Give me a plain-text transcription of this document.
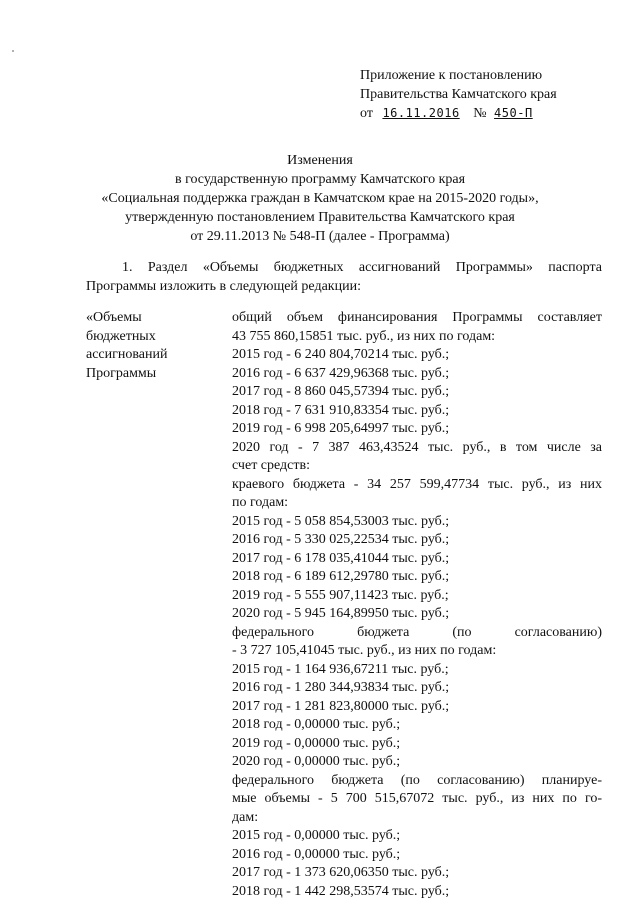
Приложение к постановлению
Правительства Камчатского края
от 16.11.2016 № 450-П
Изменения
в государственную программу Камчатского края
«Социальная поддержка граждан в Камчатском крае на 2015-2020 годы»,
утвержденную постановлением Правительства Камчатского края
от 29.11.2013 № 548-П (далее - Программа)
1. Раздел «Объемы бюджетных ассигнований Программы» паспорта
Программы изложить в следующей редакции:
«Объемы
бюджетных
ассигнований
Программы
общий объем финансирования Программы составляет
43 755 860,15851 тыс. руб., из них по годам:
2015 год - 6 240 804,70214 тыс. руб.;
2016 год - 6 637 429,96368 тыс. руб.;
2017 год - 8 860 045,57394 тыс. руб.;
2018 год - 7 631 910,83354 тыс. руб.;
2019 год - 6 998 205,64997 тыс. руб.;
2020 год - 7 387 463,43524 тыс. руб., в том числе за
счет средств:
краевого бюджета - 34 257 599,47734 тыс. руб., из них
по годам:
2015 год - 5 058 854,53003 тыс. руб.;
2016 год - 5 330 025,22534 тыс. руб.;
2017 год - 6 178 035,41044 тыс. руб.;
2018 год - 6 189 612,29780 тыс. руб.;
2019 год - 5 555 907,11423 тыс. руб.;
2020 год - 5 945 164,89950 тыс. руб.;
федерального бюджета (по согласованию)
- 3 727 105,41045 тыс. руб., из них по годам:
2015 год - 1 164 936,67211 тыс. руб.;
2016 год - 1 280 344,93834 тыс. руб.;
2017 год - 1 281 823,80000 тыс. руб.;
2018 год - 0,00000 тыс. руб.;
2019 год - 0,00000 тыс. руб.;
2020 год - 0,00000 тыс. руб.;
федерального бюджета (по согласованию) планируе-
мые объемы - 5 700 515,67072 тыс. руб., из них по го-
дам:
2015 год - 0,00000 тыс. руб.;
2016 год - 0,00000 тыс. руб.;
2017 год - 1 373 620,06350 тыс. руб.;
2018 год - 1 442 298,53574 тыс. руб.;
